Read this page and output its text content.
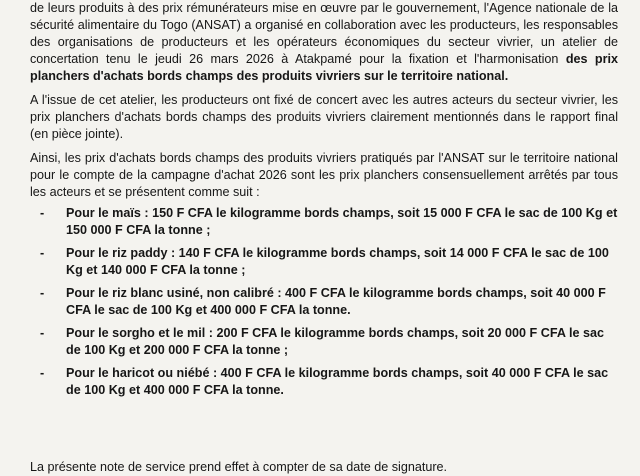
de leurs produits à des prix rémunérateurs mise en œuvre par le gouvernement, l'Agence nationale de la sécurité alimentaire du Togo (ANSAT) a organisé en collaboration avec les producteurs, les responsables des organisations de producteurs et les opérateurs économiques du secteur vivrier, un atelier de concertation tenu le jeudi 26 mars 2026 à Atakpamé pour la fixation et l'harmonisation des prix planchers d'achats bords champs des produits vivriers sur le territoire national.

A l'issue de cet atelier, les producteurs ont fixé de concert avec les autres acteurs du secteur vivrier, les prix planchers d'achats bords champs des produits vivriers clairement mentionnés dans le rapport final (en pièce jointe).

Ainsi, les prix d'achats bords champs des produits vivriers pratiqués par l'ANSAT sur le territoire national pour le compte de la campagne d'achat 2026 sont les prix planchers consensuellement arrêtés par tous les acteurs et se présentent comme suit :

- Pour le maïs : 150 F CFA le kilogramme bords champs, soit 15 000 F CFA le sac de 100 Kg et 150 000 F CFA la tonne ;
- Pour le riz paddy : 140 F CFA le kilogramme bords champs, soit 14 000 F CFA le sac de 100 Kg et 140 000 F CFA la tonne ;
- Pour le riz blanc usiné, non calibré : 400 F CFA le kilogramme bords champs, soit 40 000 F CFA le sac de 100 Kg et 400 000 F CFA la tonne.
- Pour le sorgho et le mil : 200 F CFA le kilogramme bords champs, soit 20 000 F CFA le sac de 100 Kg et 200 000 F CFA la tonne ;
- Pour le haricot ou niébé : 400 F CFA le kilogramme bords champs, soit 40 000 F CFA le sac de 100 Kg et 400 000 F CFA la tonne.

La présente note de service prend effet à compter de sa date de signature.
